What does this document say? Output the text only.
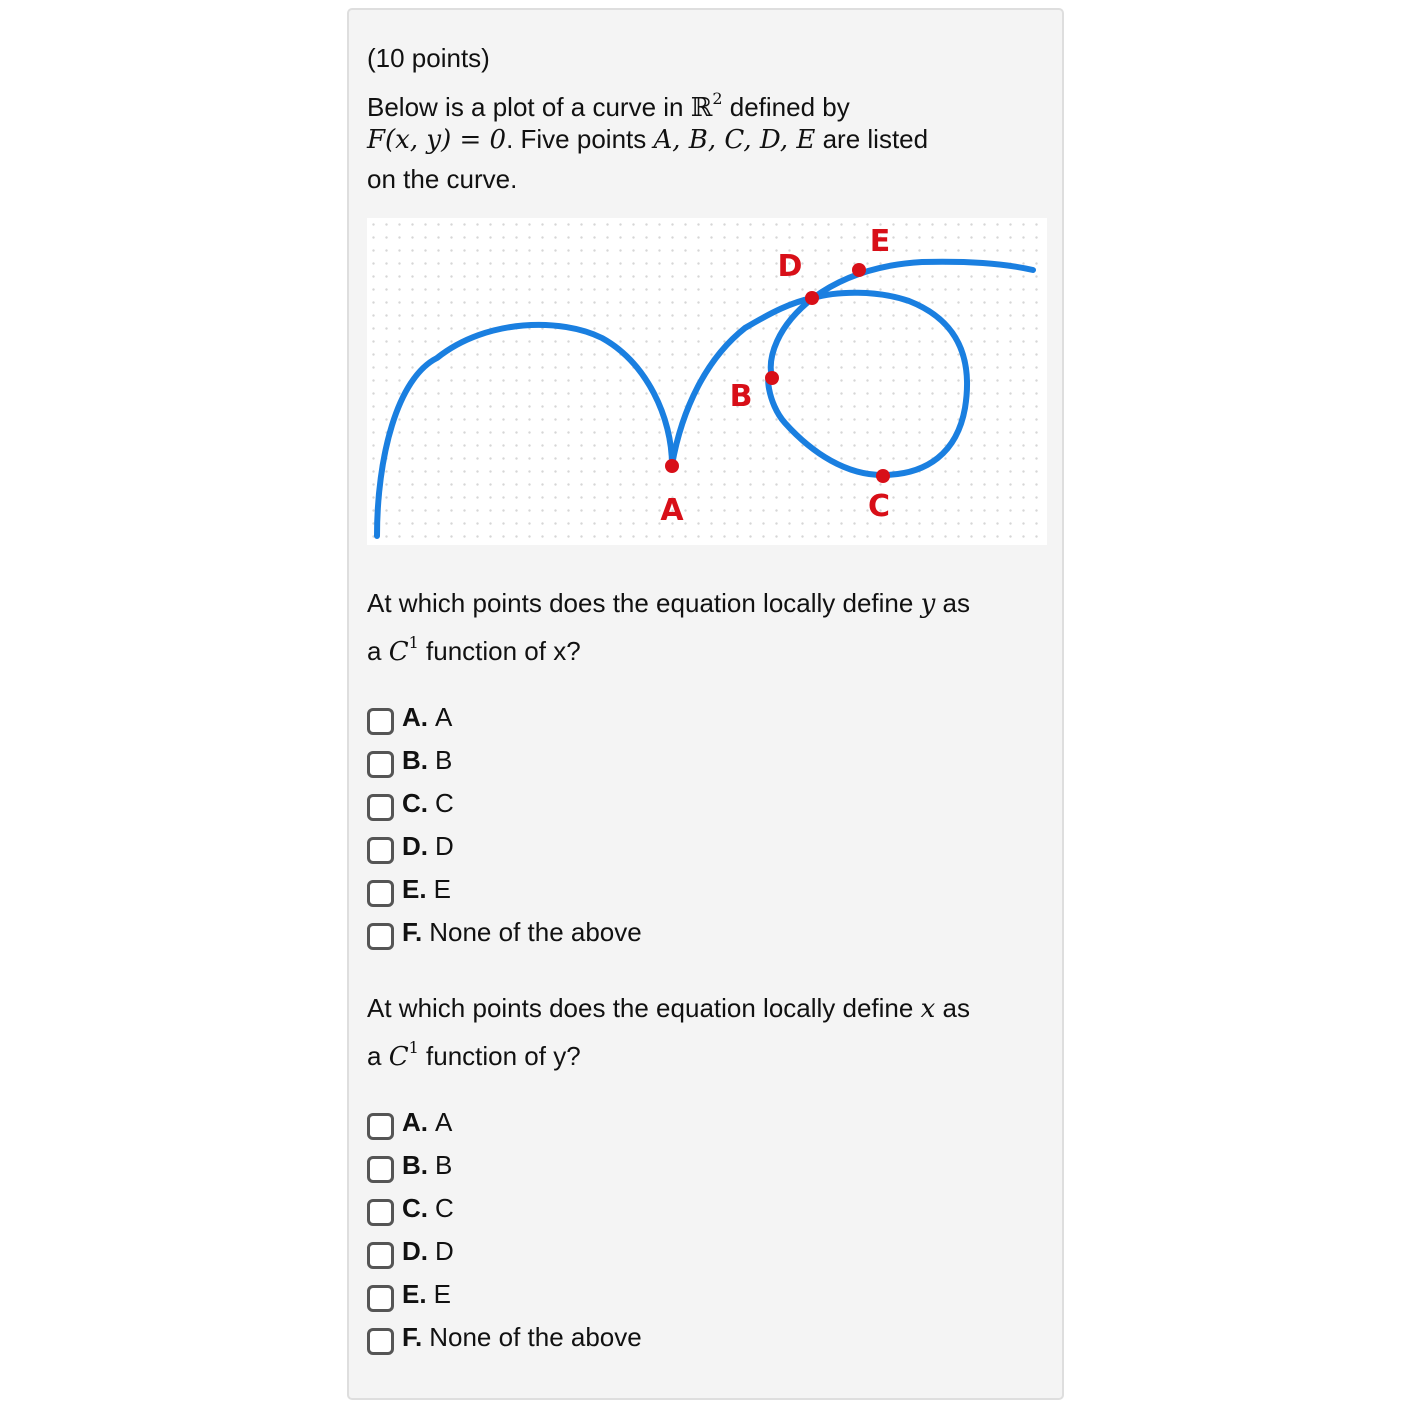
(10 points)
Below is a plot of a curve in ℝ$^2$ defined by
F(x, y) = 0. Five points A, B, C, D, E are listed
on the curve.
A
B
C
D
E
At which points does the equation locally define y as
a $C^1$ function of x?
A. A
B. B
C. C
D. D
E. E
F. None of the above
At which points does the equation locally define x as
a $C^1$ function of y?
A. A
B. B
C. C
D. D
E. E
F. None of the above
